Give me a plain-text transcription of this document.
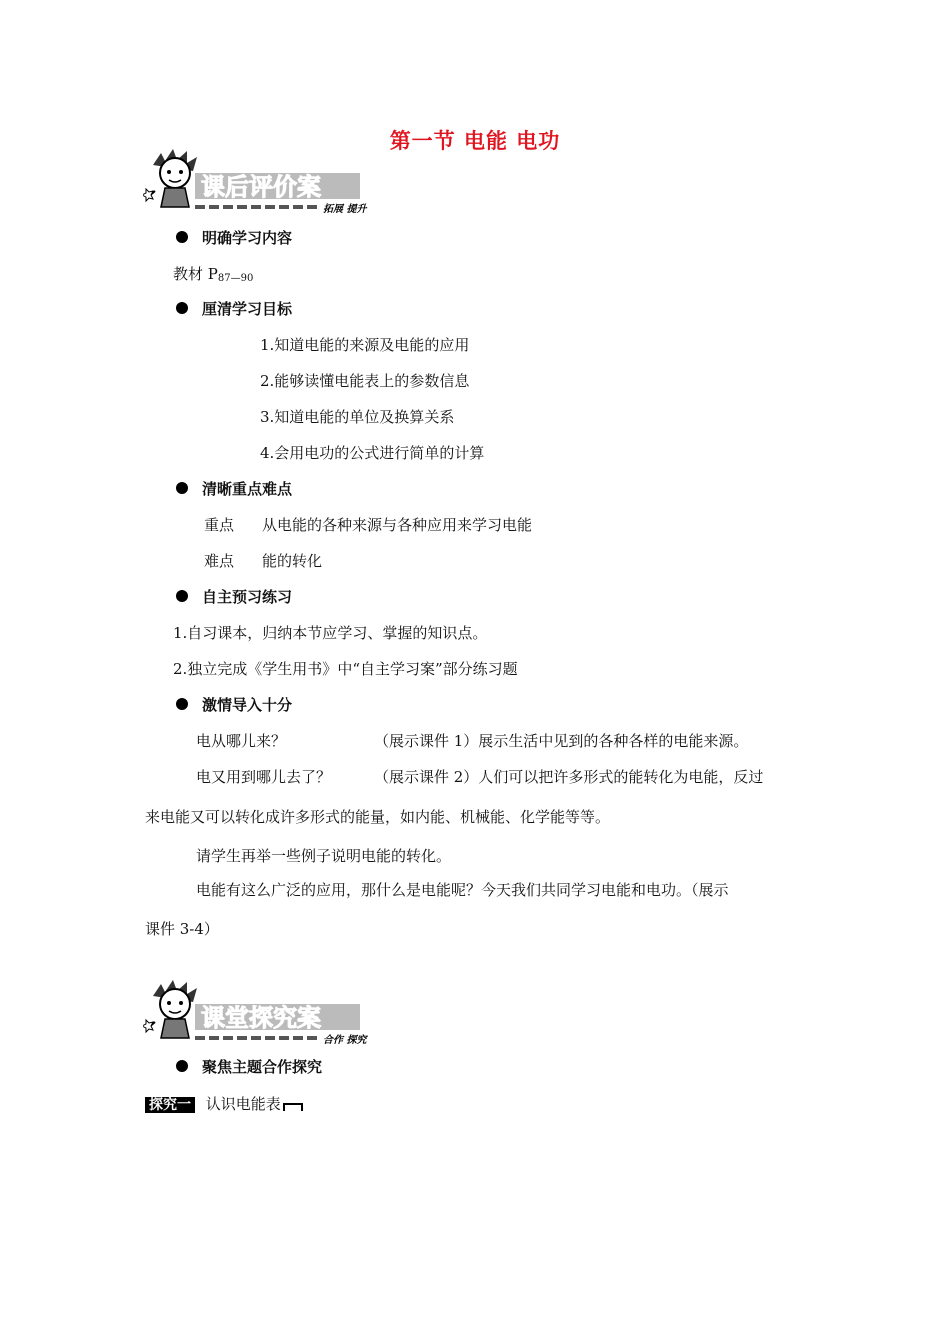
第一节 电能 电功
课后评价案
拓展 提升
明确学习内容
教材 $P_{87—90}$
厘清学习目标
1.知道电能的来源及电能的应用
2.能够读懂电能表上的参数信息
3.知道电能的单位及换算关系
4.会用电功的公式进行简单的计算
清晰重点难点
重点 从电能的各种来源与各种应用来学习电能
难点 能的转化
自主预习练习
1.自习课本，归纳本节应学习、掌握的知识点。
2.独立完成《学生用书》中“自主学习案”部分练习题
激情导入十分
电从哪儿来？	（展示课件 1）展示生活中见到的各种各样的电能来源。
电又用到哪儿去了？	（展示课件 2）人们可以把许多形式的能转化为电能，反过
来电能又可以转化成许多形式的能量，如内能、机械能、化学能等等。
请学生再举一些例子说明电能的转化。
电能有这么广泛的应用，那什么是电能呢？今天我们共同学习电能和电功。（展示
课件 3-4）
课堂探究案
合作 探究
聚焦主题合作探究
探究一 认识电能表
